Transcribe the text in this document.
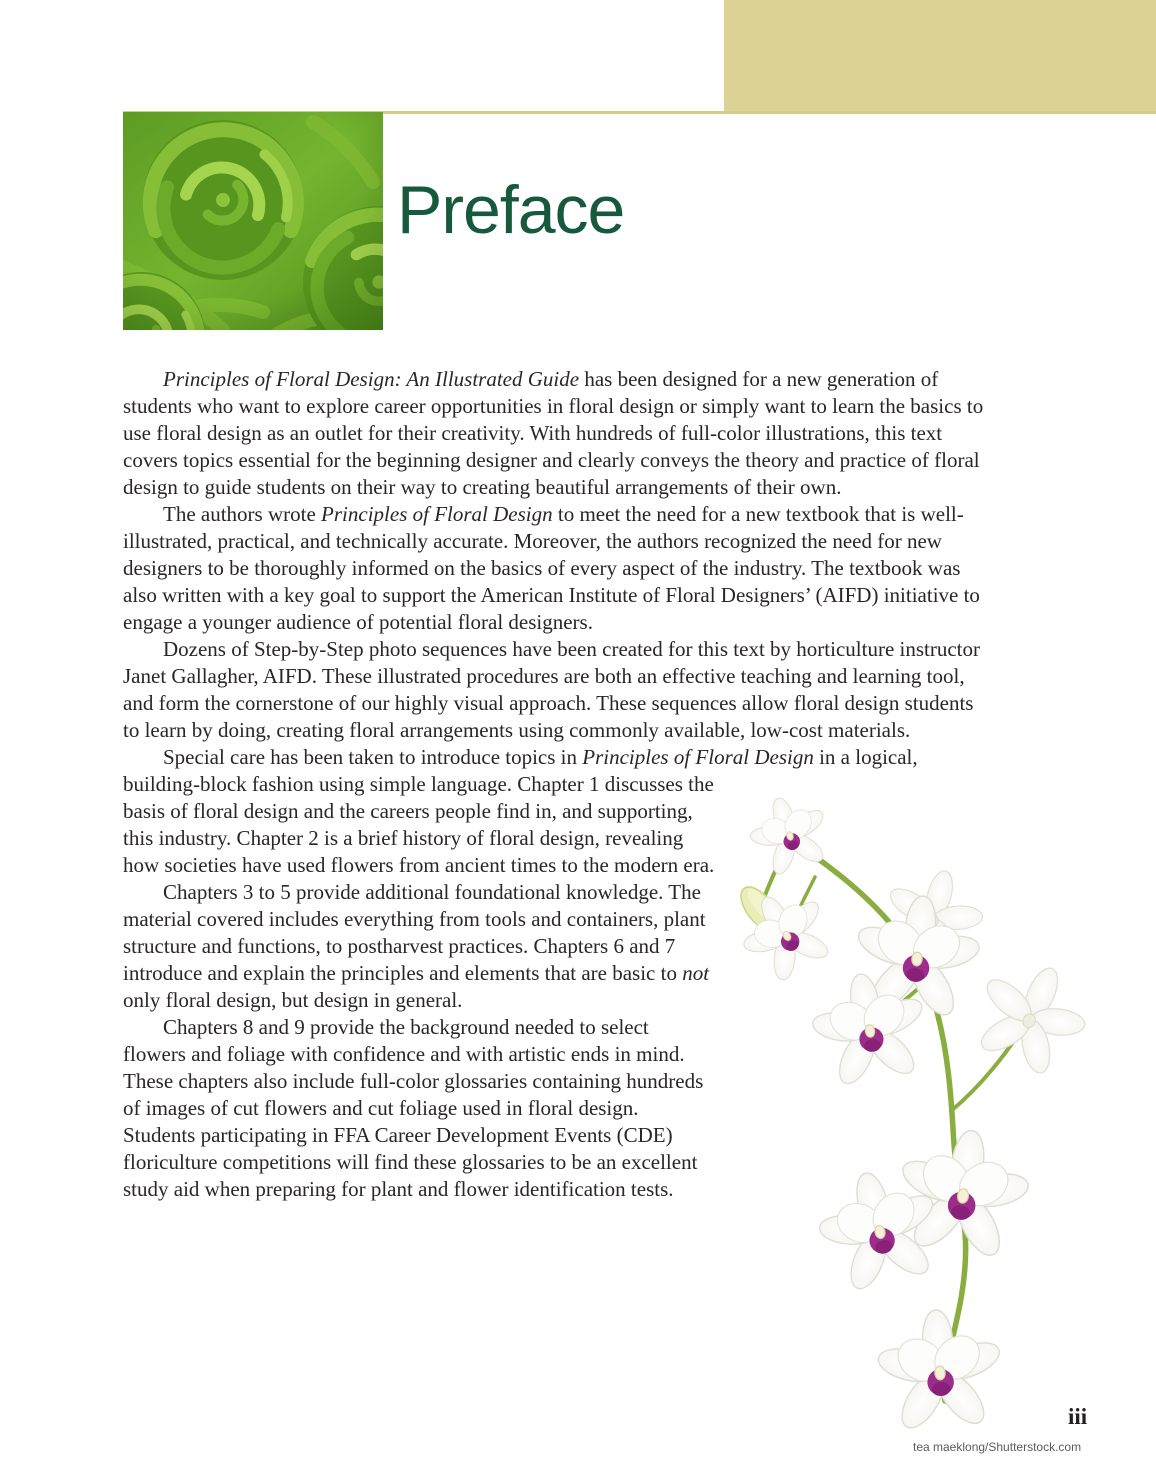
Preface

Principles of Floral Design: An Illustrated Guide has been designed for a new generation of students who want to explore career opportunities in floral design or simply want to learn the basics to use floral design as an outlet for their creativity. With hundreds of full-color illustrations, this text covers topics essential for the beginning designer and clearly conveys the theory and practice of floral design to guide students on their way to creating beautiful arrangements of their own.

The authors wrote Principles of Floral Design to meet the need for a new textbook that is well-illustrated, practical, and technically accurate. Moreover, the authors recognized the need for new designers to be thoroughly informed on the basics of every aspect of the industry. The textbook was also written with a key goal to support the American Institute of Floral Designers’ (AIFD) initiative to engage a younger audience of potential floral designers.

Dozens of Step-by-Step photo sequences have been created for this text by horticulture instructor Janet Gallagher, AIFD. These illustrated procedures are both an effective teaching and learning tool, and form the cornerstone of our highly visual approach. These sequences allow floral design students to learn by doing, creating floral arrangements using commonly available, low-cost materials.

Special care has been taken to introduce topics in Principles of Floral Design in a logical, building-block fashion using simple language. Chapter 1 discusses the basis of floral design and the careers people find in, and supporting, this industry. Chapter 2 is a brief history of floral design, revealing how societies have used flowers from ancient times to the modern era.

Chapters 3 to 5 provide additional foundational knowledge. The material covered includes everything from tools and containers, plant structure and functions, to postharvest practices. Chapters 6 and 7 introduce and explain the principles and elements that are basic to not only floral design, but design in general.

Chapters 8 and 9 provide the background needed to select flowers and foliage with confidence and with artistic ends in mind. These chapters also include full-color glossaries containing hundreds of images of cut flowers and cut foliage used in floral design. Students participating in FFA Career Development Events (CDE) floriculture competitions will find these glossaries to be an excellent study aid when preparing for plant and flower identification tests.

tea maeklong/Shutterstock.com
iii
